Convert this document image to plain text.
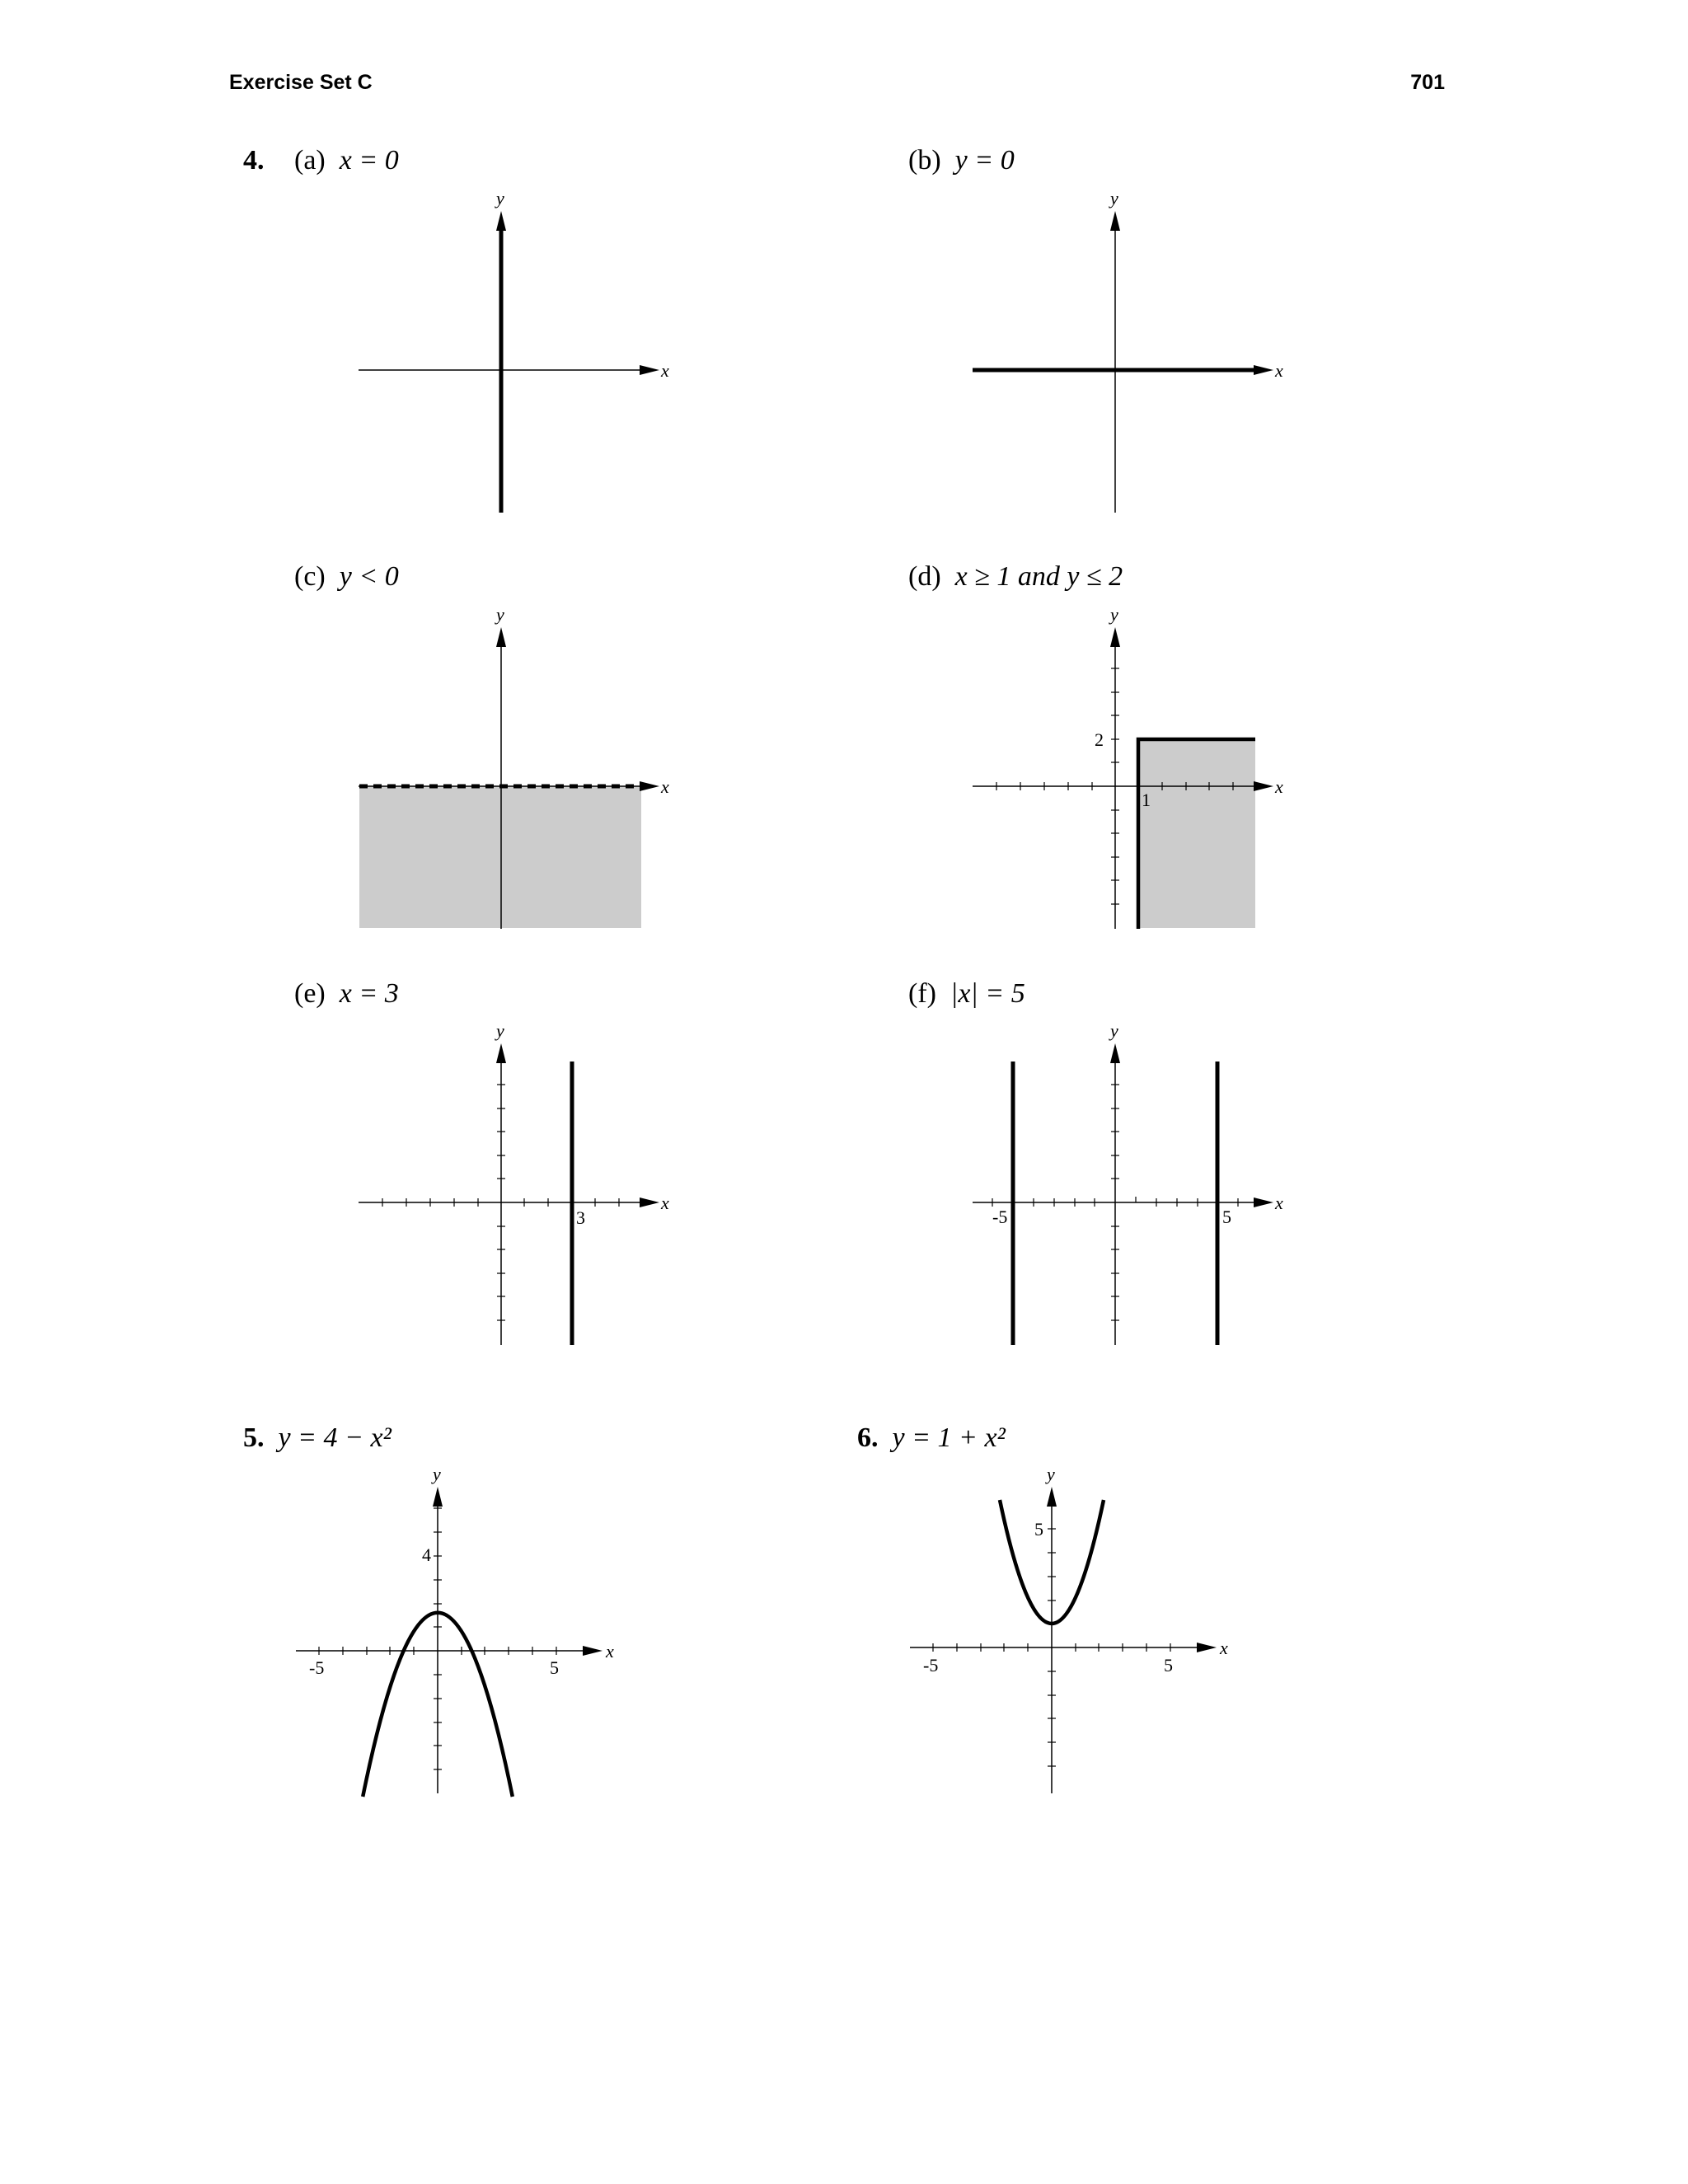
Exercise Set C	701
4. (a) x = 0	(b) y = 0
(c) y < 0	(d) x ≥ 1 and y ≤ 2
(e) x = 3	(f) |x| = 5
5. y = 4 − x²	6. y = 1 + x²
x
y
x
y
x
y
2
1
x
y
3
x
y
-5	5
x
y
4
-5	5
x
y
5
-5	5
x
y
